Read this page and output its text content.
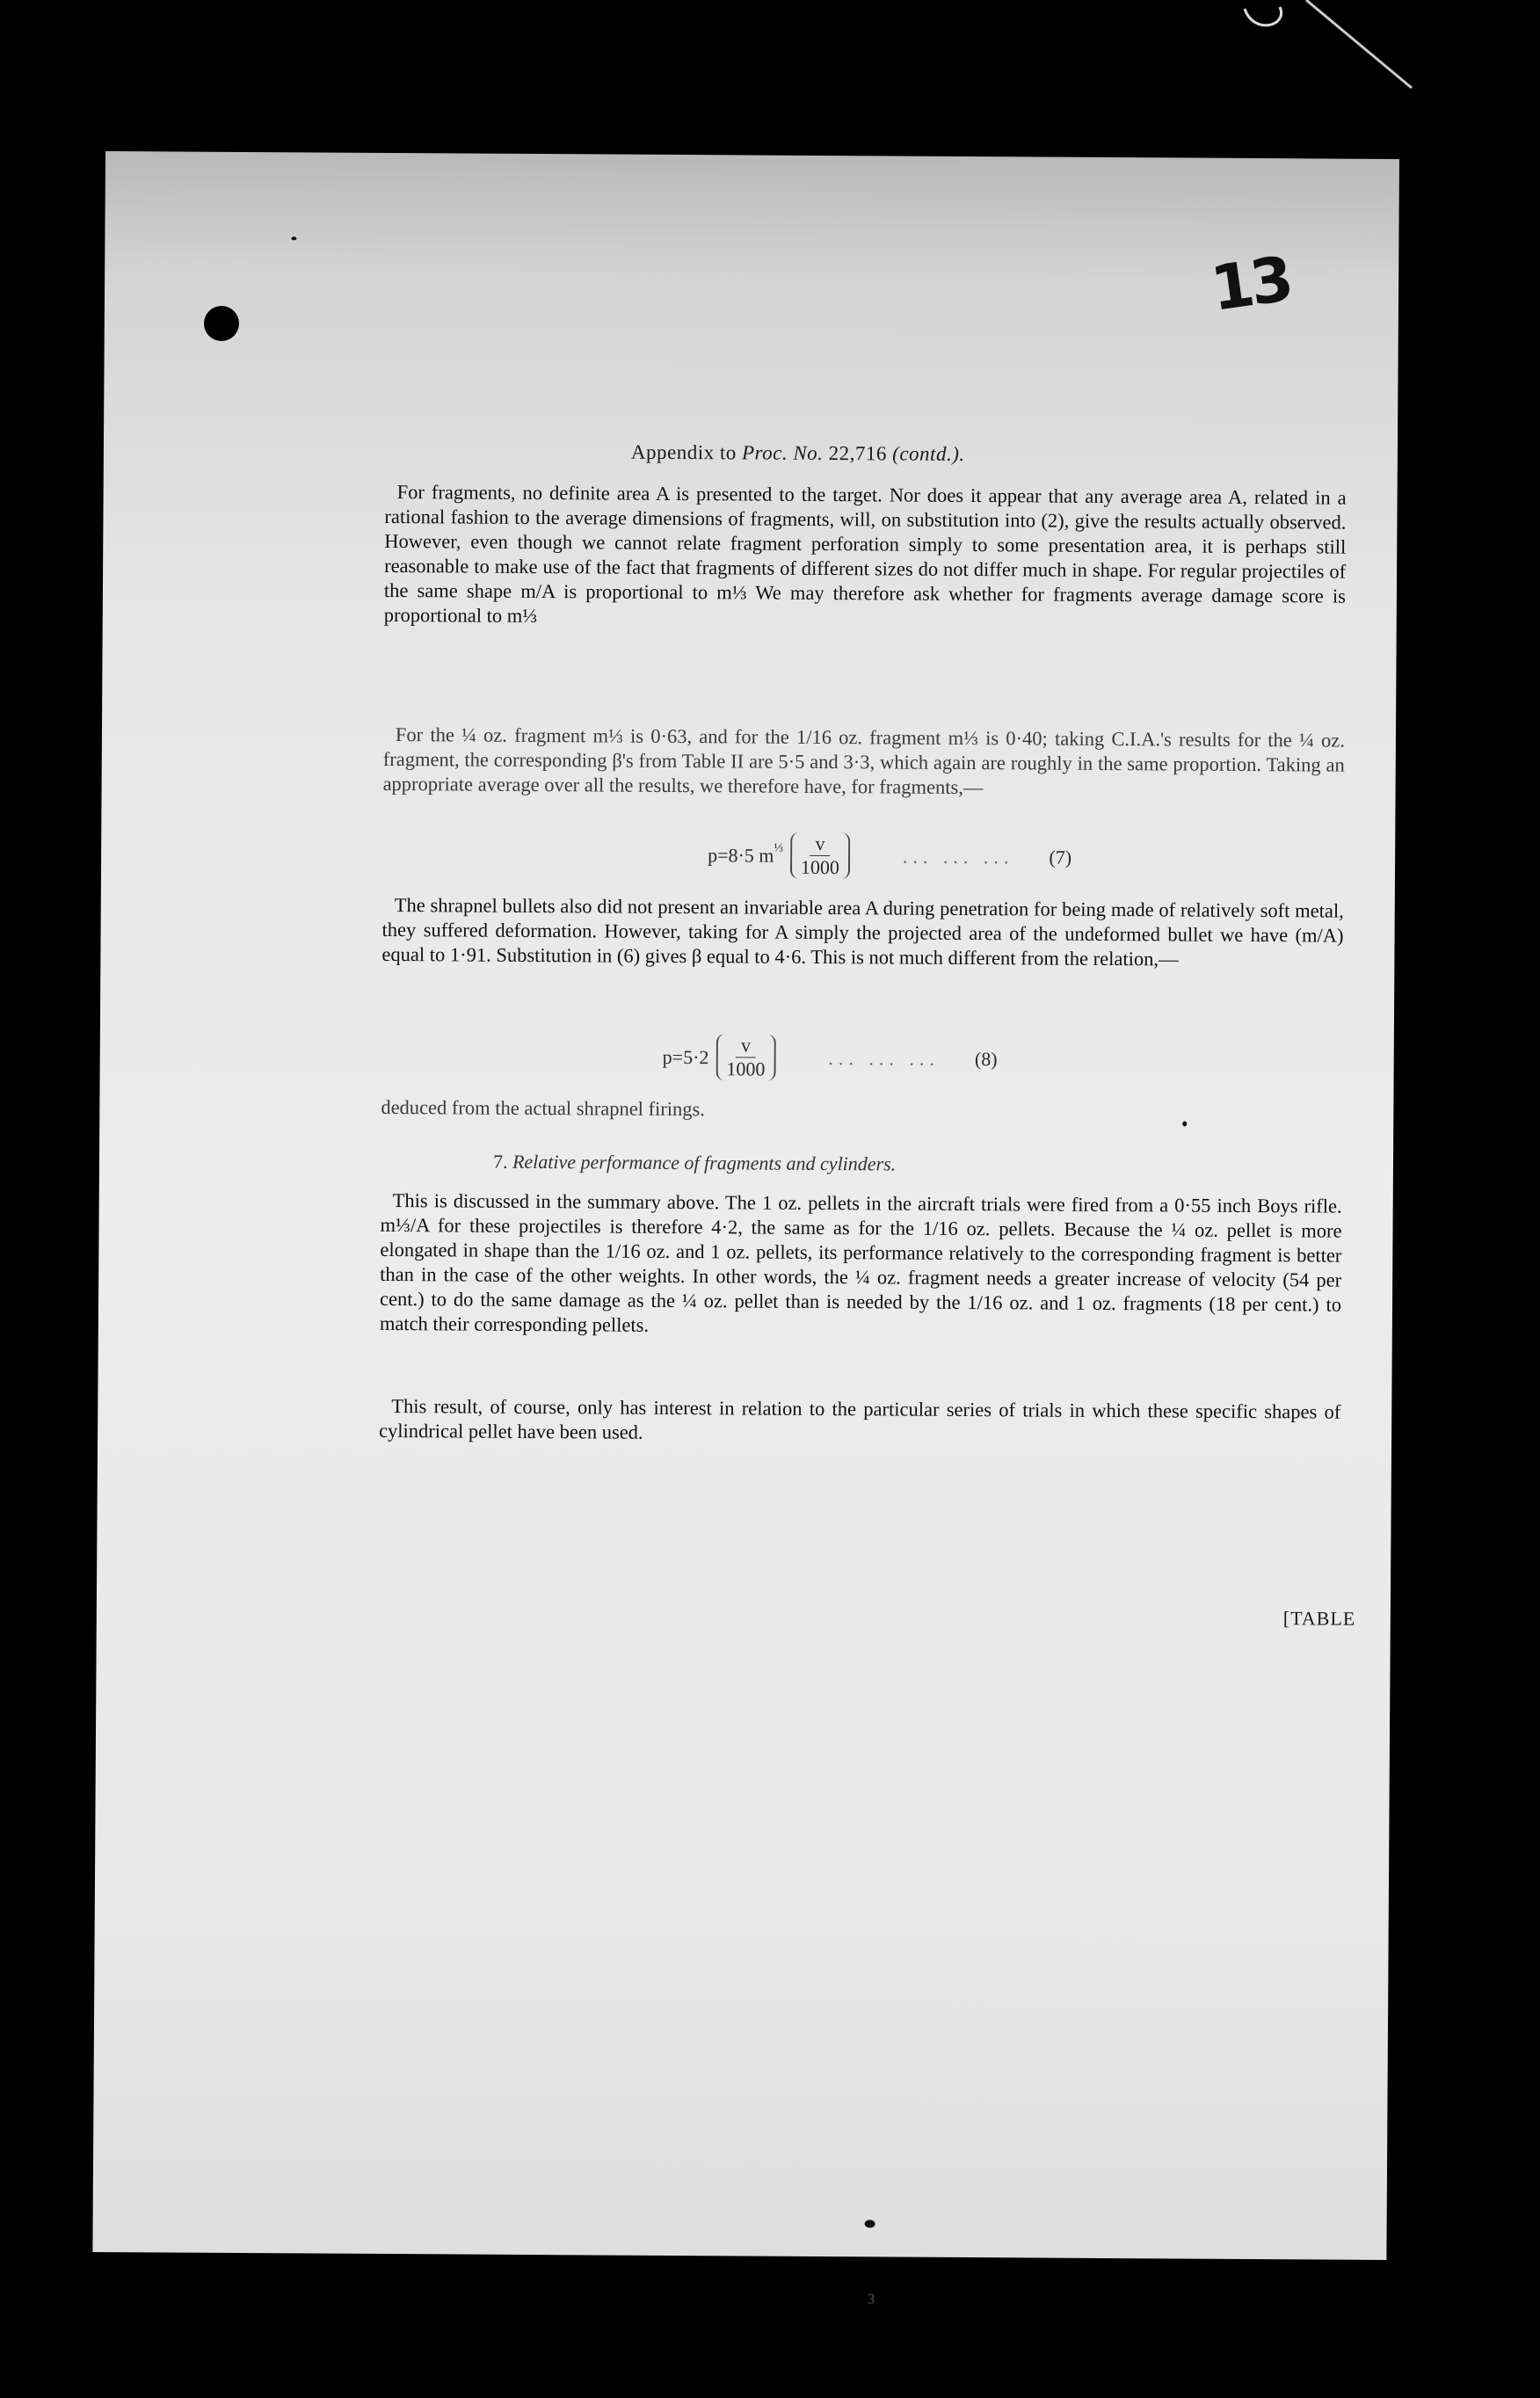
Appendix to Proc. No. 22,716 (contd.).
For fragments, no definite area A is presented to the target. Nor does it appear that any average area A, related in a rational fashion to the average dimensions of fragments, will, on substitution into (2), give the results actually observed. However, even though we cannot relate fragment perforation simply to some presentation area, it is perhaps still reasonable to make use of the fact that fragments of different sizes do not differ much in shape. For regular projectiles of the same shape m/A is proportional to m⅓ We may therefore ask whether for fragments average damage score is proportional to m⅓
For the ¼ oz. fragment m⅓ is 0·63, and for the 1/16 oz. fragment m⅓ is 0·40; taking C.I.A.'s results for the ¼ oz. fragment, the corresponding β's from Table II are 5·5 and 3·3, which again are roughly in the same proportion. Taking an appropriate average over all the results, we therefore have, for fragments,—
p=8·5 $m^{\frac{1}{3}} \frac{v}{1000}$	... ... ... (7)
The shrapnel bullets also did not present an invariable area A during penetration for being made of relatively soft metal, they suffered deformation. However, taking for A simply the projected area of the undeformed bullet we have (m/A) equal to 1·91. Substitution in (6) gives β equal to 4·6. This is not much different from the relation,—
$p=5\cdot 2 \frac{v}{1000}$	... ... ... (8)
deduced from the actual shrapnel firings.
7. Relative performance of fragments and cylinders.
This is discussed in the summary above. The 1 oz. pellets in the aircraft trials were fired from a 0·55 inch Boys rifle. m⅓/A for these projectiles is therefore 4·2, the same as for the 1/16 oz. pellets. Because the ¼ oz. pellet is more elongated in shape than the 1/16 oz. and 1 oz. pellets, its performance relatively to the corresponding fragment is better than in the case of the other weights. In other words, the ¼ oz. fragment needs a greater increase of velocity (54 per cent.) to do the same damage as the ¼ oz. pellet than is needed by the 1/16 oz. and 1 oz. fragments (18 per cent.) to match their corresponding pellets.
This result, of course, only has interest in relation to the particular series of trials in which these specific shapes of cylindrical pellet have been used.
[TABLE
3
13
